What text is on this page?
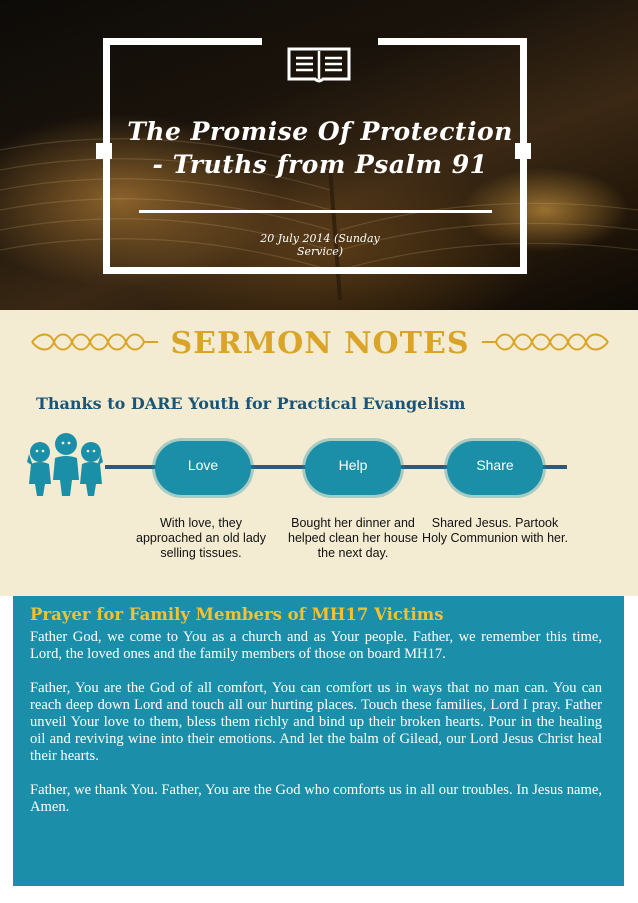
The Promise Of Protection
- Truths from Psalm 91
20 July 2014 (Sunday Service)
SERMON NOTES
Thanks to DARE Youth for Practical Evangelism
Love	Help	Share
With love, they approached an old lady selling tissues.
Bought her dinner and helped clean her house the next day.
Shared Jesus. Partook Holy Communion with her.
Prayer for Family Members of MH17 Victims

Father God, we come to You as a church and as Your people. Father, we remember this time, Lord, the loved ones and the family members of those on board MH17.

Father, You are the God of all comfort, You can comfort us in ways that no man can. You can reach deep down Lord and touch all our hurting places. Touch these families, Lord I pray. Father unveil Your love to them, bless them richly and bind up their broken hearts. Pour in the healing oil and reviving wine into their emotions. And let the balm of Gilead, our Lord Jesus Christ heal their hearts.

Father, we thank You. Father, You are the God who comforts us in all our troubles. In Jesus name, Amen.
